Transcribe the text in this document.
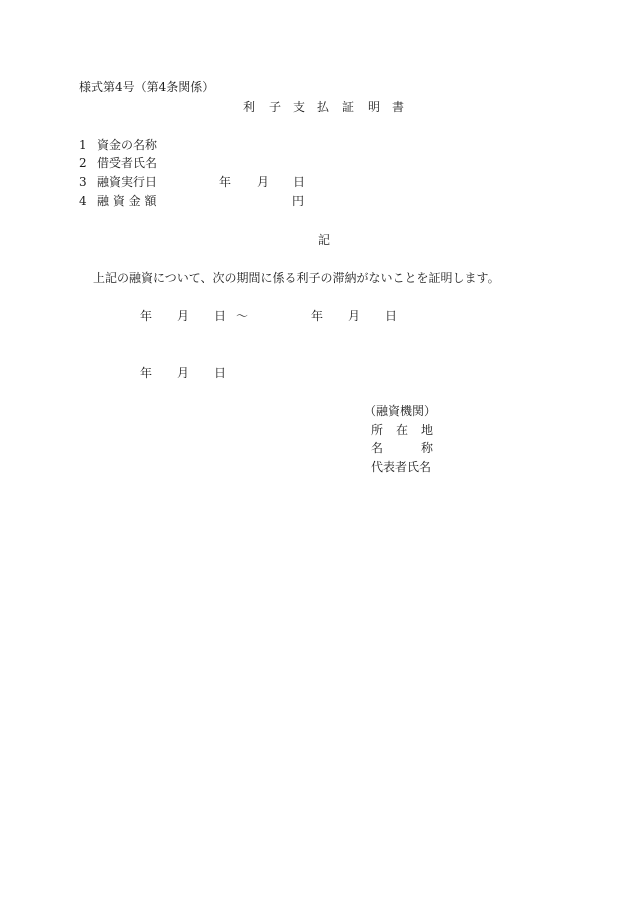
様式第4号（第4条関係）
利 子 支 払 証 明 書
1 資金の名称
2 借受者氏名
3 融資実行日	年 月 日
4 融 資 金 額	円
記
上記の融資について、次の期間に係る利子の滞納がないことを証明します。
年 月 日 ～	年 月 日
年 月 日
（融資機関）
所 在 地
名	称
代表者氏名
